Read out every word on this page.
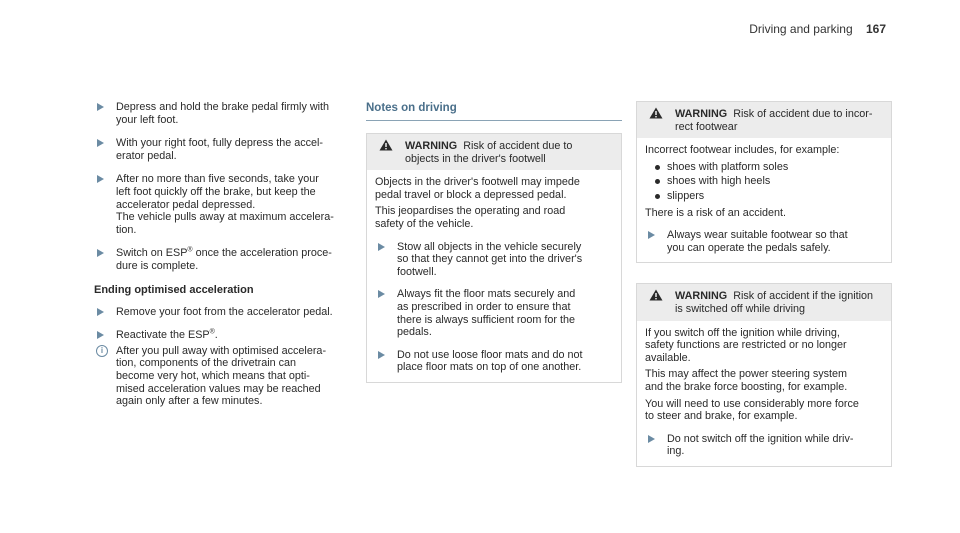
Driving and parking 167
Depress and hold the brake pedal firmly with
your left foot.
With your right foot, fully depress the accel-
erator pedal.
After no more than five seconds, take your
left foot quickly off the brake, but keep the
accelerator pedal depressed.
The vehicle pulls away at maximum accelera-
tion.
Switch on ESP® once the acceleration proce-
dure is complete.
Ending optimised acceleration
Remove your foot from the accelerator pedal.
Reactivate the ESP®.
i	After you pull away with optimised accelera-
tion, components of the drivetrain can
become very hot, which means that opti-
mised acceleration values may be reached
again only after a few minutes.
Notes on driving
WARNING Risk of accident due to
objects in the driver's footwell

Objects in the driver's footwell may impede
pedal travel or block a depressed pedal.

This jeopardises the operating and road
safety of the vehicle.

Stow all objects in the vehicle securely
so that they cannot get into the driver's
footwell.
Always fit the floor mats securely and
as prescribed in order to ensure that
there is always sufficient room for the
pedals.
Do not use loose floor mats and do not
place floor mats on top of one another.
WARNING Risk of accident due to incor-
rect footwear

Incorrect footwear includes, for example:

shoes with platform soles
shoes with high heels
slippers

There is a risk of an accident.

Always wear suitable footwear so that
you can operate the pedals safely.
WARNING Risk of accident if the ignition
is switched off while driving

If you switch off the ignition while driving,
safety functions are restricted or no longer
available.

This may affect the power steering system
and the brake force boosting, for example.

You will need to use considerably more force
to steer and brake, for example.

Do not switch off the ignition while driv-
ing.
